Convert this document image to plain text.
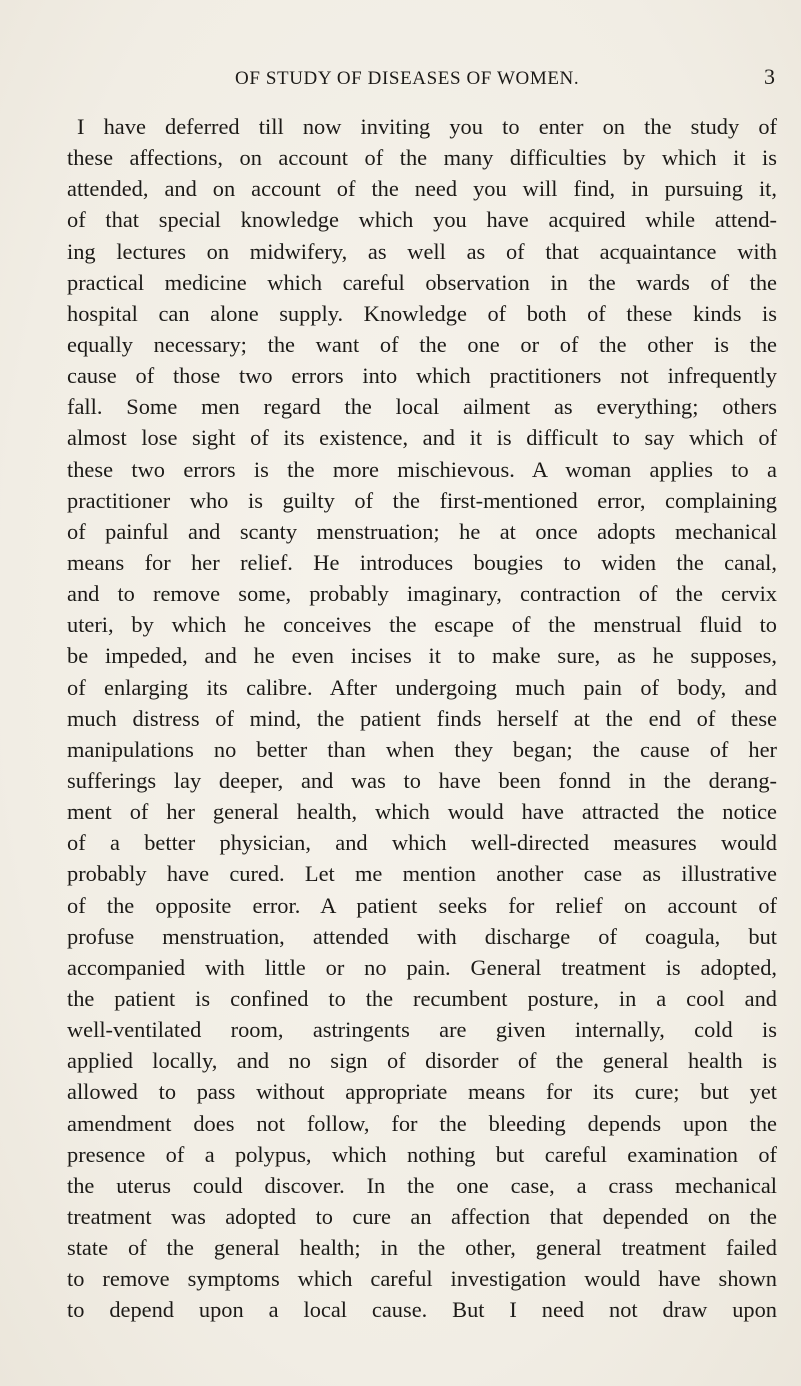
OF STUDY OF DISEASES OF WOMEN.	3
I have deferred till now inviting you to enter on the study of
these affections, on account of the many difficulties by which it is
attended, and on account of the need you will find, in pursuing it,
of that special knowledge which you have acquired while attend-
ing lectures on midwifery, as well as of that acquaintance with
practical medicine which careful observation in the wards of the
hospital can alone supply. Knowledge of both of these kinds is
equally necessary; the want of the one or of the other is the
cause of those two errors into which practitioners not infrequently
fall. Some men regard the local ailment as everything; others
almost lose sight of its existence, and it is difficult to say which of
these two errors is the more mischievous. A woman applies to a
practitioner who is guilty of the first-mentioned error, complaining
of painful and scanty menstruation; he at once adopts mechanical
means for her relief. He introduces bougies to widen the canal,
and to remove some, probably imaginary, contraction of the cervix
uteri, by which he conceives the escape of the menstrual fluid to
be impeded, and he even incises it to make sure, as he supposes,
of enlarging its calibre. After undergoing much pain of body, and
much distress of mind, the patient finds herself at the end of these
manipulations no better than when they began; the cause of her
sufferings lay deeper, and was to have been fonnd in the derang-
ment of her general health, which would have attracted the notice
of a better physician, and which well-directed measures would
probably have cured. Let me mention another case as illustrative
of the opposite error. A patient seeks for relief on account of
profuse menstruation, attended with discharge of coagula, but
accompanied with little or no pain. General treatment is adopted,
the patient is confined to the recumbent posture, in a cool and
well-ventilated room, astringents are given internally, cold is
applied locally, and no sign of disorder of the general health is
allowed to pass without appropriate means for its cure; but yet
amendment does not follow, for the bleeding depends upon the
presence of a polypus, which nothing but careful examination of
the uterus could discover. In the one case, a crass mechanical
treatment was adopted to cure an affection that depended on the
state of the general health; in the other, general treatment failed
to remove symptoms which careful investigation would have shown
to depend upon a local cause. But I need not draw upon
